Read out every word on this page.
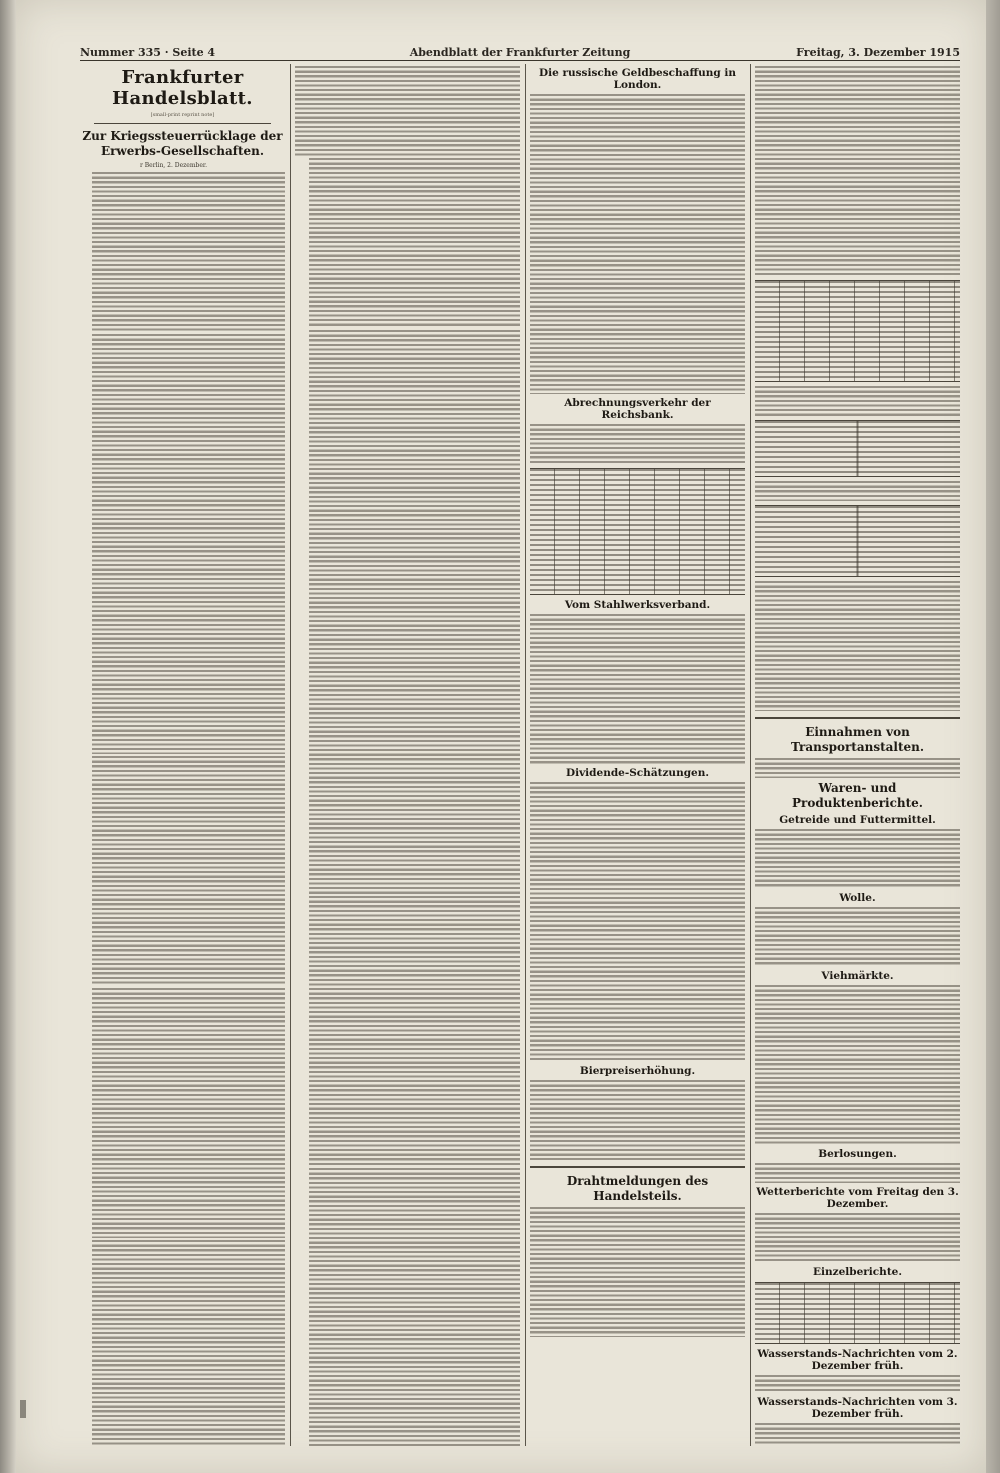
Nummer 335 · Seite 4	Abendblatt der Frankfurter Zeitung	Freitag, 3. Dezember 1915
Frankfurter Handelsblatt.
[small-print reprint note]
Zur Kriegssteuerrücklage der Erwerbs-Gesellschaften.
r Berlin, 2. Dezember.
Die russische Geldbeschaffung in London.
Abrechnungsverkehr der Reichsbank.
Vom Stahlwerksverband.
Dividende-Schätzungen.
Bierpreiserhöhung.
Drahtmeldungen des Handelsteils.
Einnahmen von Transportanstalten.
Waren- und Produktenberichte.
Getreide und Futtermittel.
Wolle.
Viehmärkte.
Berlosungen.
Wetterberichte vom Freitag den 3. Dezember.
Einzelberichte.
Wasserstands-Nachrichten vom 2. Dezember früh.
Wasserstands-Nachrichten vom 3. Dezember früh.
